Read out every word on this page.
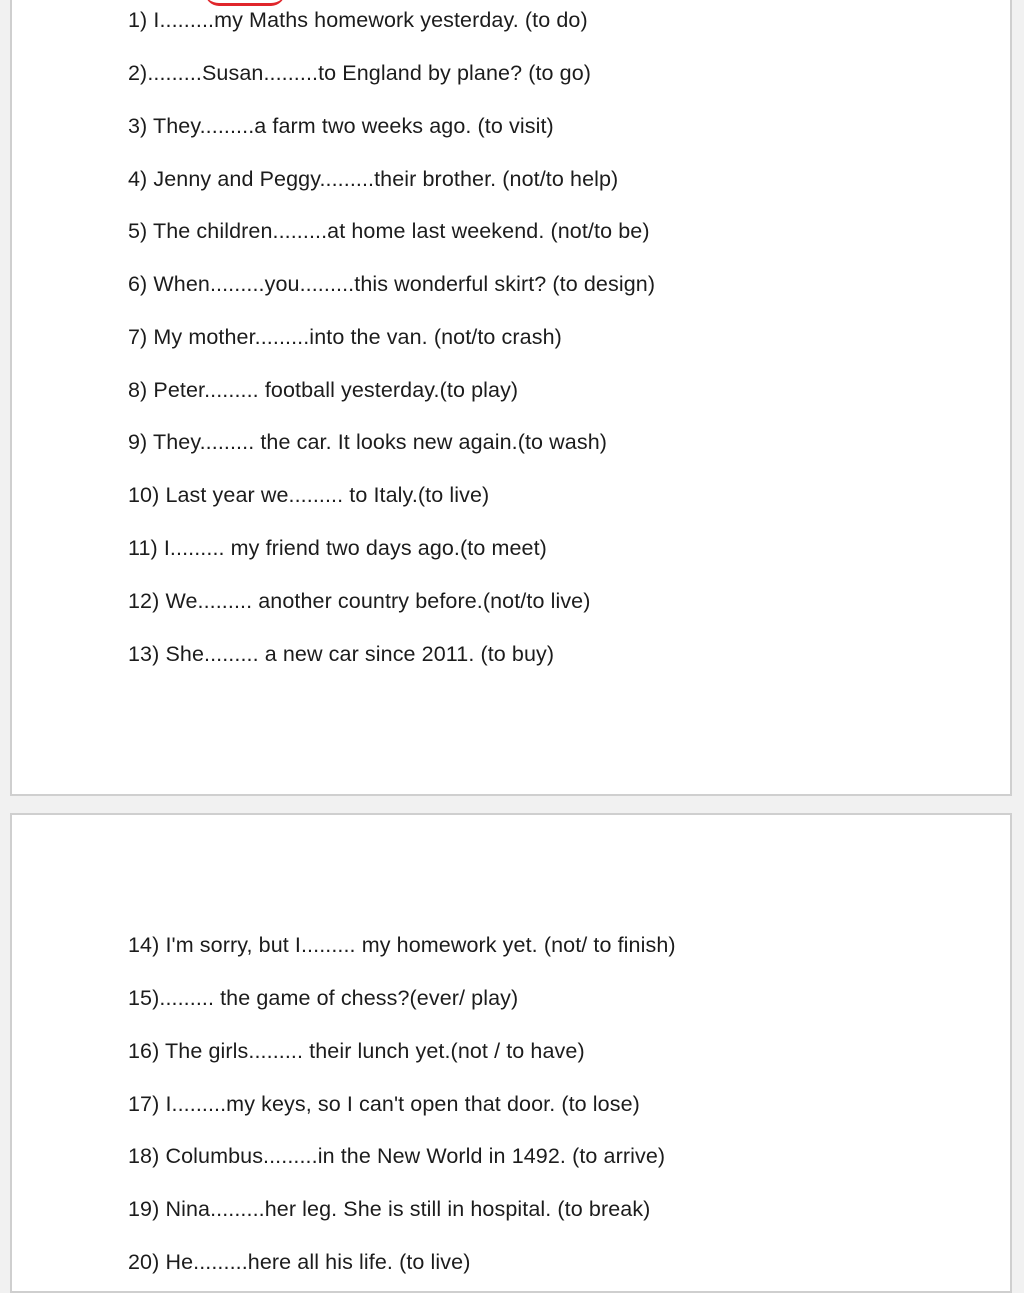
1) I.........my Maths homework yesterday. (to do)

2).........Susan.........to England by plane? (to go)

3) They.........a farm two weeks ago. (to visit)

4) Jenny and Peggy.........their brother. (not/to help)

5) The children.........at home last weekend. (not/to be)

6) When.........you.........this wonderful skirt? (to design)

7) My mother.........into the van. (not/to crash)

8) Peter......... football yesterday.(to play)

9) They......... the car. It looks new again.(to wash)

10) Last year we......... to Italy.(to live)

11) I......... my friend two days ago.(to meet)

12) We......... another country before.(not/to live)

13) She......... a new car since 2011. (to buy)

14) I'm sorry, but I......... my homework yet. (not/ to finish)

15)......... the game of chess?(ever/ play)

16) The girls......... their lunch yet.(not / to have)

17) I.........my keys, so I can't open that door. (to lose)

18) Columbus.........in the New World in 1492. (to arrive)

19) Nina.........her leg. She is still in hospital. (to break)

20) He.........here all his life. (to live)
